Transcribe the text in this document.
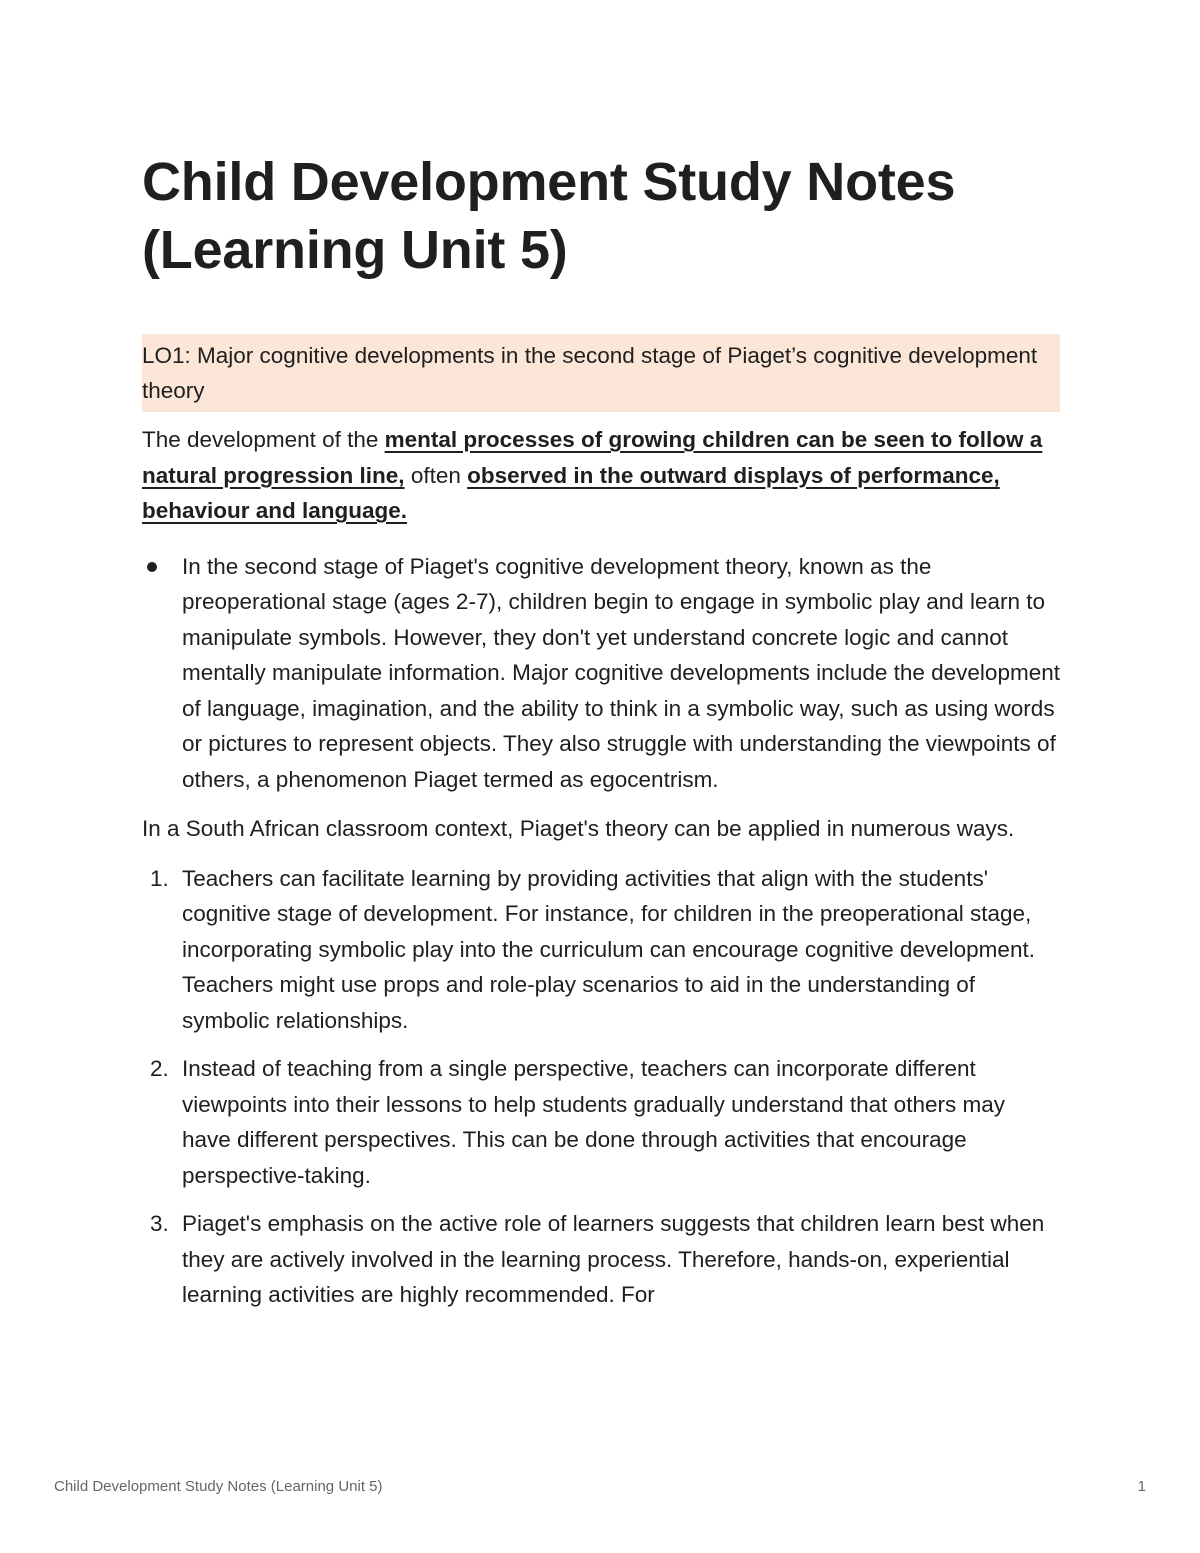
Child Development Study Notes (Learning Unit 5)
LO1: Major cognitive developments in the second stage of Piaget’s cognitive development theory

The development of the mental processes of growing children can be seen to follow a natural progression line, often observed in the outward displays of performance, behaviour and language.

In the second stage of Piaget's cognitive development theory, known as the preoperational stage (ages 2-7), children begin to engage in symbolic play and learn to manipulate symbols. However, they don't yet understand concrete logic and cannot mentally manipulate information. Major cognitive developments include the development of language, imagination, and the ability to think in a symbolic way, such as using words or pictures to represent objects. They also struggle with understanding the viewpoints of others, a phenomenon Piaget termed as egocentrism.

In a South African classroom context, Piaget's theory can be applied in numerous ways.

1. Teachers can facilitate learning by providing activities that align with the students' cognitive stage of development. For instance, for children in the preoperational stage, incorporating symbolic play into the curriculum can encourage cognitive development. Teachers might use props and role-play scenarios to aid in the understanding of symbolic relationships.
2. Instead of teaching from a single perspective, teachers can incorporate different viewpoints into their lessons to help students gradually understand that others may have different perspectives. This can be done through activities that encourage perspective-taking.
3. Piaget's emphasis on the active role of learners suggests that children learn best when they are actively involved in the learning process. Therefore, hands-on, experiential learning activities are highly recommended. For
Child Development Study Notes (Learning Unit 5)	1
